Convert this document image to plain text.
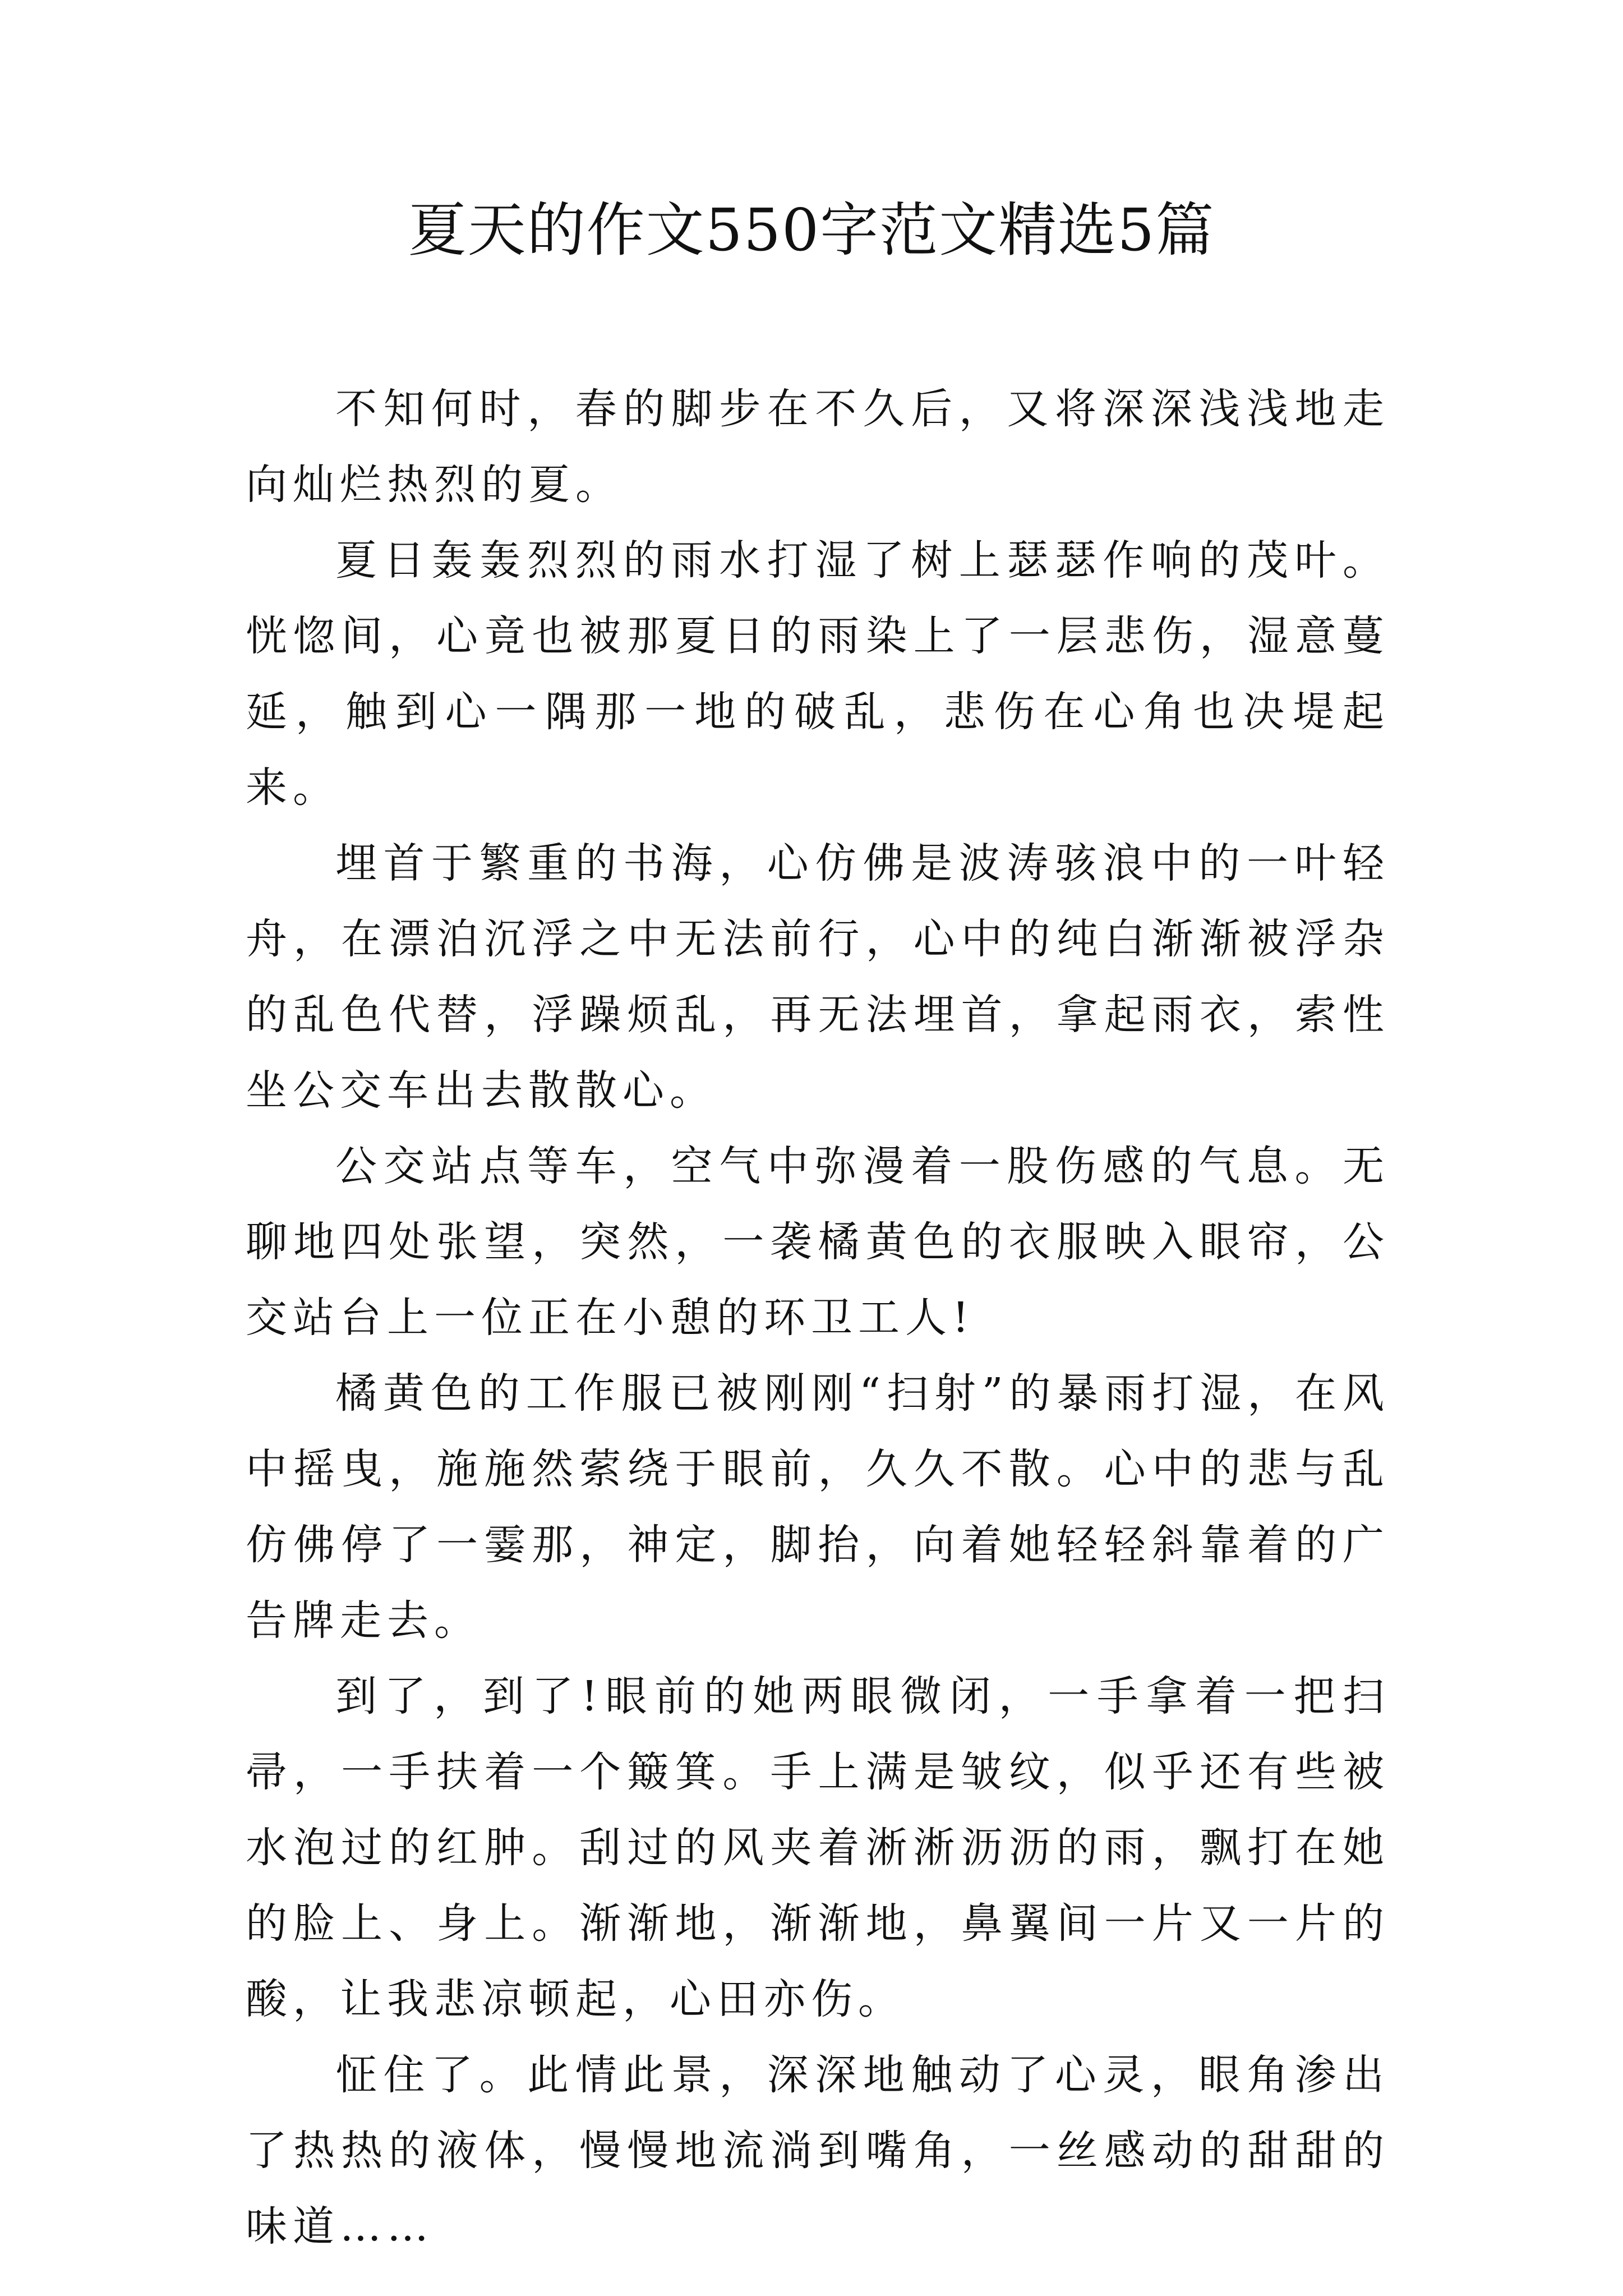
夏天的作文550字范文精选5篇

不知何时，春的脚步在不久后，又将深深浅浅地走向灿烂热烈的夏。

夏日轰轰烈烈的雨水打湿了树上瑟瑟作响的茂叶。恍惚间，心竟也被那夏日的雨染上了一层悲伤，湿意蔓延，触到心一隅那一地的破乱，悲伤在心角也决堤起来。

埋首于繁重的书海，心仿佛是波涛骇浪中的一叶轻舟，在漂泊沉浮之中无法前行，心中的纯白渐渐被浮杂的乱色代替，浮躁烦乱，再无法埋首，拿起雨衣，索性坐公交车出去散散心。

公交站点等车，空气中弥漫着一股伤感的气息。无聊地四处张望，突然，一袭橘黄色的衣服映入眼帘，公交站台上一位正在小憩的环卫工人!

橘黄色的工作服已被刚刚“扫射”的暴雨打湿，在风中摇曳，施施然萦绕于眼前，久久不散。心中的悲与乱仿佛停了一霎那，神定，脚抬，向着她轻轻斜靠着的广告牌走去。

到了，到了!眼前的她两眼微闭，一手拿着一把扫帚，一手扶着一个簸箕。手上满是皱纹，似乎还有些被水泡过的红肿。刮过的风夹着淅淅沥沥的雨，飘打在她的脸上、身上。渐渐地，渐渐地，鼻翼间一片又一片的酸，让我悲凉顿起，心田亦伤。

怔住了。此情此景，深深地触动了心灵，眼角渗出了热热的液体，慢慢地流淌到嘴角，一丝感动的甜甜的味道……
